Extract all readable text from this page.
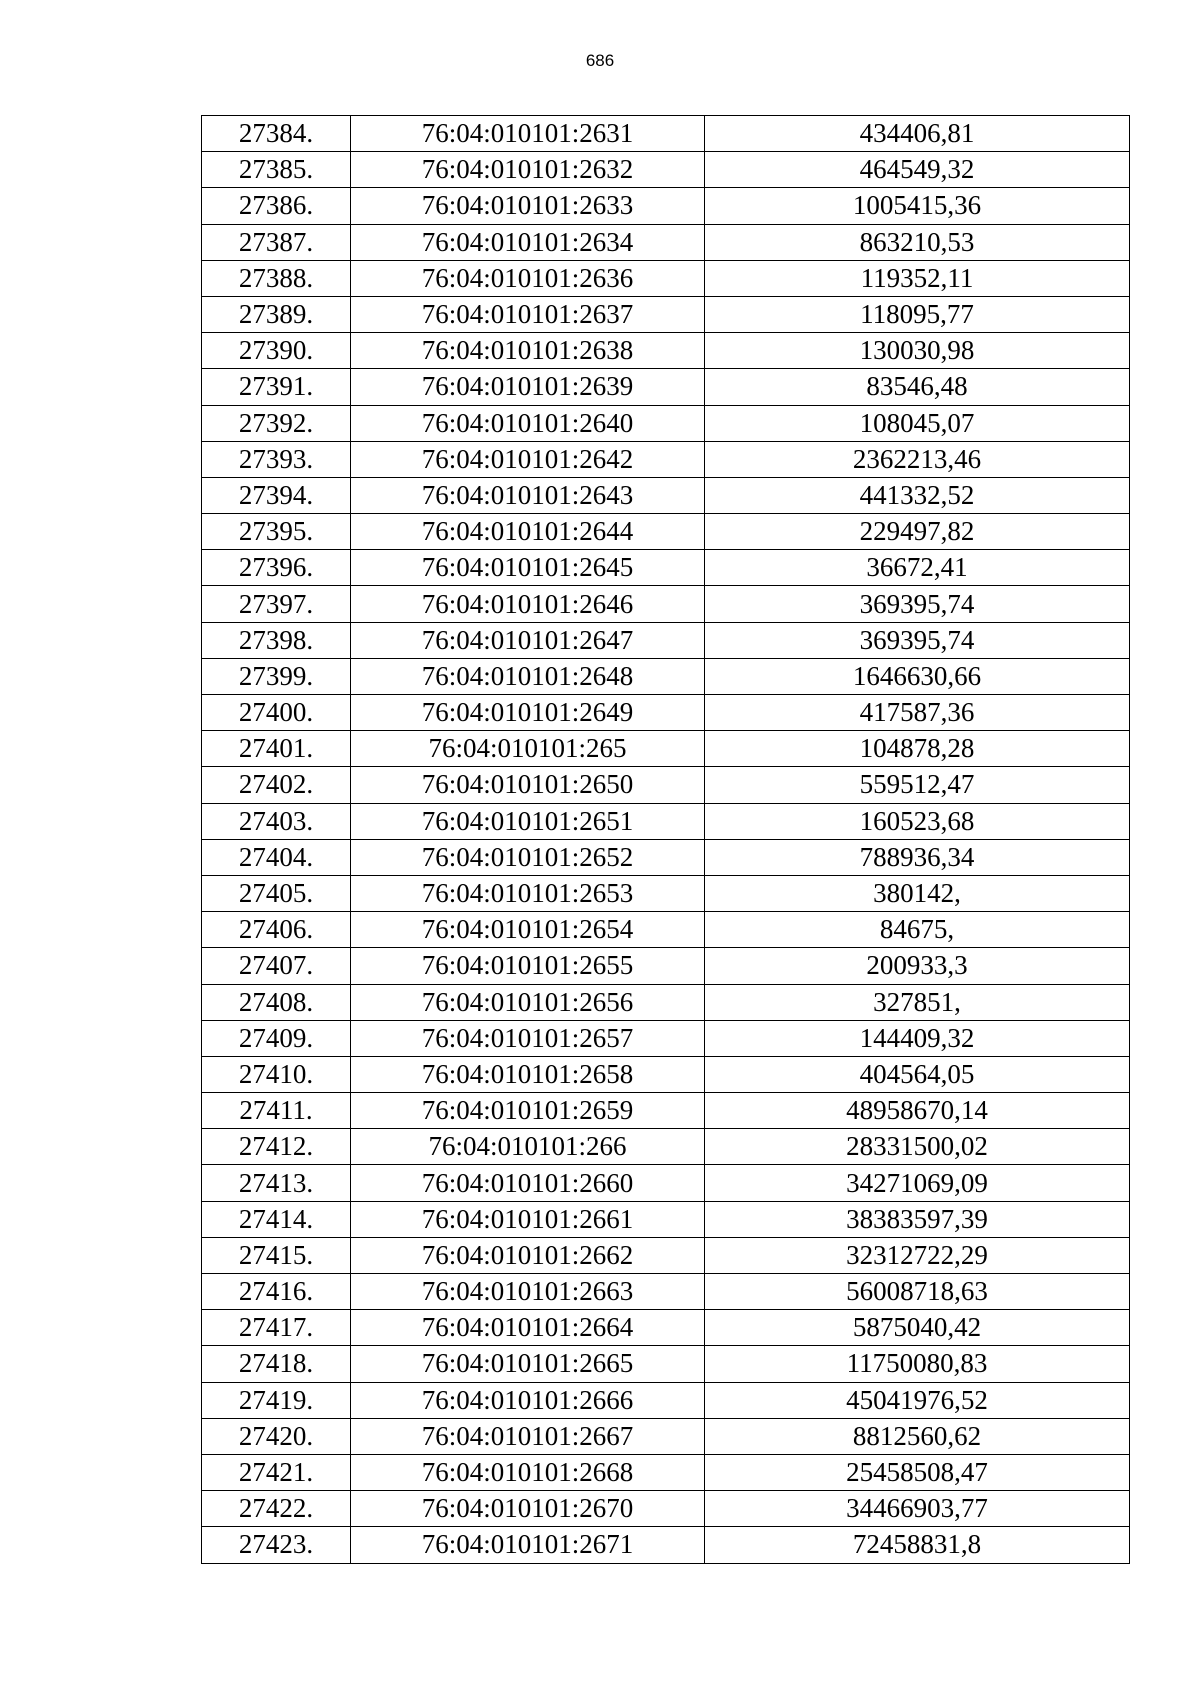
686
27384.	76:04:010101:2631	434406,81
27385.	76:04:010101:2632	464549,32
27386.	76:04:010101:2633	1005415,36
27387.	76:04:010101:2634	863210,53
27388.	76:04:010101:2636	119352,11
27389.	76:04:010101:2637	118095,77
27390.	76:04:010101:2638	130030,98
27391.	76:04:010101:2639	83546,48
27392.	76:04:010101:2640	108045,07
27393.	76:04:010101:2642	2362213,46
27394.	76:04:010101:2643	441332,52
27395.	76:04:010101:2644	229497,82
27396.	76:04:010101:2645	36672,41
27397.	76:04:010101:2646	369395,74
27398.	76:04:010101:2647	369395,74
27399.	76:04:010101:2648	1646630,66
27400.	76:04:010101:2649	417587,36
27401.	76:04:010101:265	104878,28
27402.	76:04:010101:2650	559512,47
27403.	76:04:010101:2651	160523,68
27404.	76:04:010101:2652	788936,34
27405.	76:04:010101:2653	380142,
27406.	76:04:010101:2654	84675,
27407.	76:04:010101:2655	200933,3
27408.	76:04:010101:2656	327851,
27409.	76:04:010101:2657	144409,32
27410.	76:04:010101:2658	404564,05
27411.	76:04:010101:2659	48958670,14
27412.	76:04:010101:266	28331500,02
27413.	76:04:010101:2660	34271069,09
27414.	76:04:010101:2661	38383597,39
27415.	76:04:010101:2662	32312722,29
27416.	76:04:010101:2663	56008718,63
27417.	76:04:010101:2664	5875040,42
27418.	76:04:010101:2665	11750080,83
27419.	76:04:010101:2666	45041976,52
27420.	76:04:010101:2667	8812560,62
27421.	76:04:010101:2668	25458508,47
27422.	76:04:010101:2670	34466903,77
27423.	76:04:010101:2671	72458831,8
